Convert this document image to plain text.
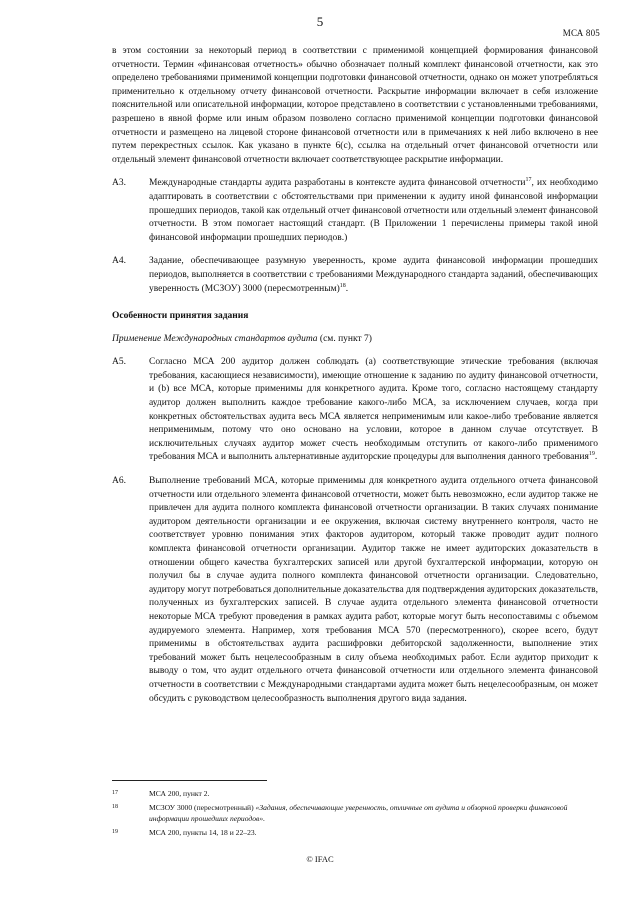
5
МСА 805

в этом состоянии за некоторый период в соответствии с применимой концепцией формирования финансовой отчетности. Термин «финансовая отчетность» обычно обозначает полный комплект финансовой отчетности, как это определено требованиями применимой концепции подготовки финансовой отчетности, однако он может употребляться применительно к отдельному отчету финансовой отчетности. Раскрытие информации включает в себя изложение пояснительной или описательной информации, которое представлено в соответствии с установленными требованиями, разрешено в явной форме или иным образом позволено согласно применимой концепции подготовки финансовой отчетности и размещено на лицевой стороне финансовой отчетности или в примечаниях к ней либо включено в нее путем перекрестных ссылок. Как указано в пункте 6(с), ссылка на отдельный отчет финансовой отчетности или отдельный элемент финансовой отчетности включает соответствующее раскрытие информации.

А3.	Международные стандарты аудита разработаны в контексте аудита финансовой отчетности$^{17}$, их необходимо адаптировать в соответствии с обстоятельствами при применении к аудиту иной финансовой информации прошедших периодов, такой как отдельный отчет финансовой отчетности или отдельный элемент финансовой отчетности. В этом помогает настоящий стандарт. (В Приложении 1 перечислены примеры такой иной финансовой информации прошедших периодов.)

А4.	Задание, обеспечивающее разумную уверенность, кроме аудита финансовой информации прошедших периодов, выполняется в соответствии с требованиями Международного стандарта заданий, обеспечивающих уверенность (МСЗОУ) 3000 (пересмотренным)$^{18}$.

Особенности принятия задания
Применение Международных стандартов аудита (см. пункт 7)
А5.	Согласно МСА 200 аудитор должен соблюдать (a) соответствующие этические требования (включая требования, касающиеся независимости), имеющие отношение к заданию по аудиту финансовой отчетности, и (b) все МСА, которые применимы для конкретного аудита. Кроме того, согласно настоящему стандарту аудитор должен выполнить каждое требование какого-либо МСА, за исключением случаев, когда при конкретных обстоятельствах аудита весь МСА является неприменимым или какое-либо требование является неприменимым, потому что оно основано на условии, которое в данном случае отсутствует. В исключительных случаях аудитор может счесть необходимым отступить от какого-либо применимого требования МСА и выполнить альтернативные аудиторские процедуры для выполнения данного требования$^{19}$.

А6.	Выполнение требований МСА, которые применимы для конкретного аудита отдельного отчета финансовой отчетности или отдельного элемента финансовой отчетности, может быть невозможно, если аудитор также не привлечен для аудита полного комплекта финансовой отчетности организации. В таких случаях понимание аудитором деятельности организации и ее окружения, включая систему внутреннего контроля, часто не соответствует уровню понимания этих факторов аудитором, который также проводит аудит полного комплекта финансовой отчетности организации. Аудитор также не имеет аудиторских доказательств в отношении общего качества бухгалтерских записей или другой бухгалтерской информации, которую он получил бы в случае аудита полного комплекта финансовой отчетности организации. Следовательно, аудитору могут потребоваться дополнительные доказательства для подтверждения аудиторских доказательств, полученных из бухгалтерских записей. В случае аудита отдельного элемента финансовой отчетности некоторые МСА требуют проведения в рамках аудита работ, которые могут быть несопоставимы с объемом аудируемого элемента. Например, хотя требования МСА 570 (пересмотренного), скорее всего, будут применимы в обстоятельствах аудита расшифровки дебиторской задолженности, выполнение этих требований может быть нецелесообразным в силу объема необходимых работ. Если аудитор приходит к выводу о том, что аудит отдельного отчета финансовой отчетности или отдельного элемента финансовой отчетности в соответствии с Международными стандартами аудита может быть нецелесообразным, он может обсудить с руководством целесообразность выполнения другого вида задания.

17	МСА 200, пункт 2.
18	МСЗОУ 3000 (пересмотренный) «Задания, обеспечивающие уверенность, отличные от аудита и обзорной проверки финансовой информации прошедших периодов».
19	МСА 200, пункты 14, 18 и 22–23.
© IFAC
